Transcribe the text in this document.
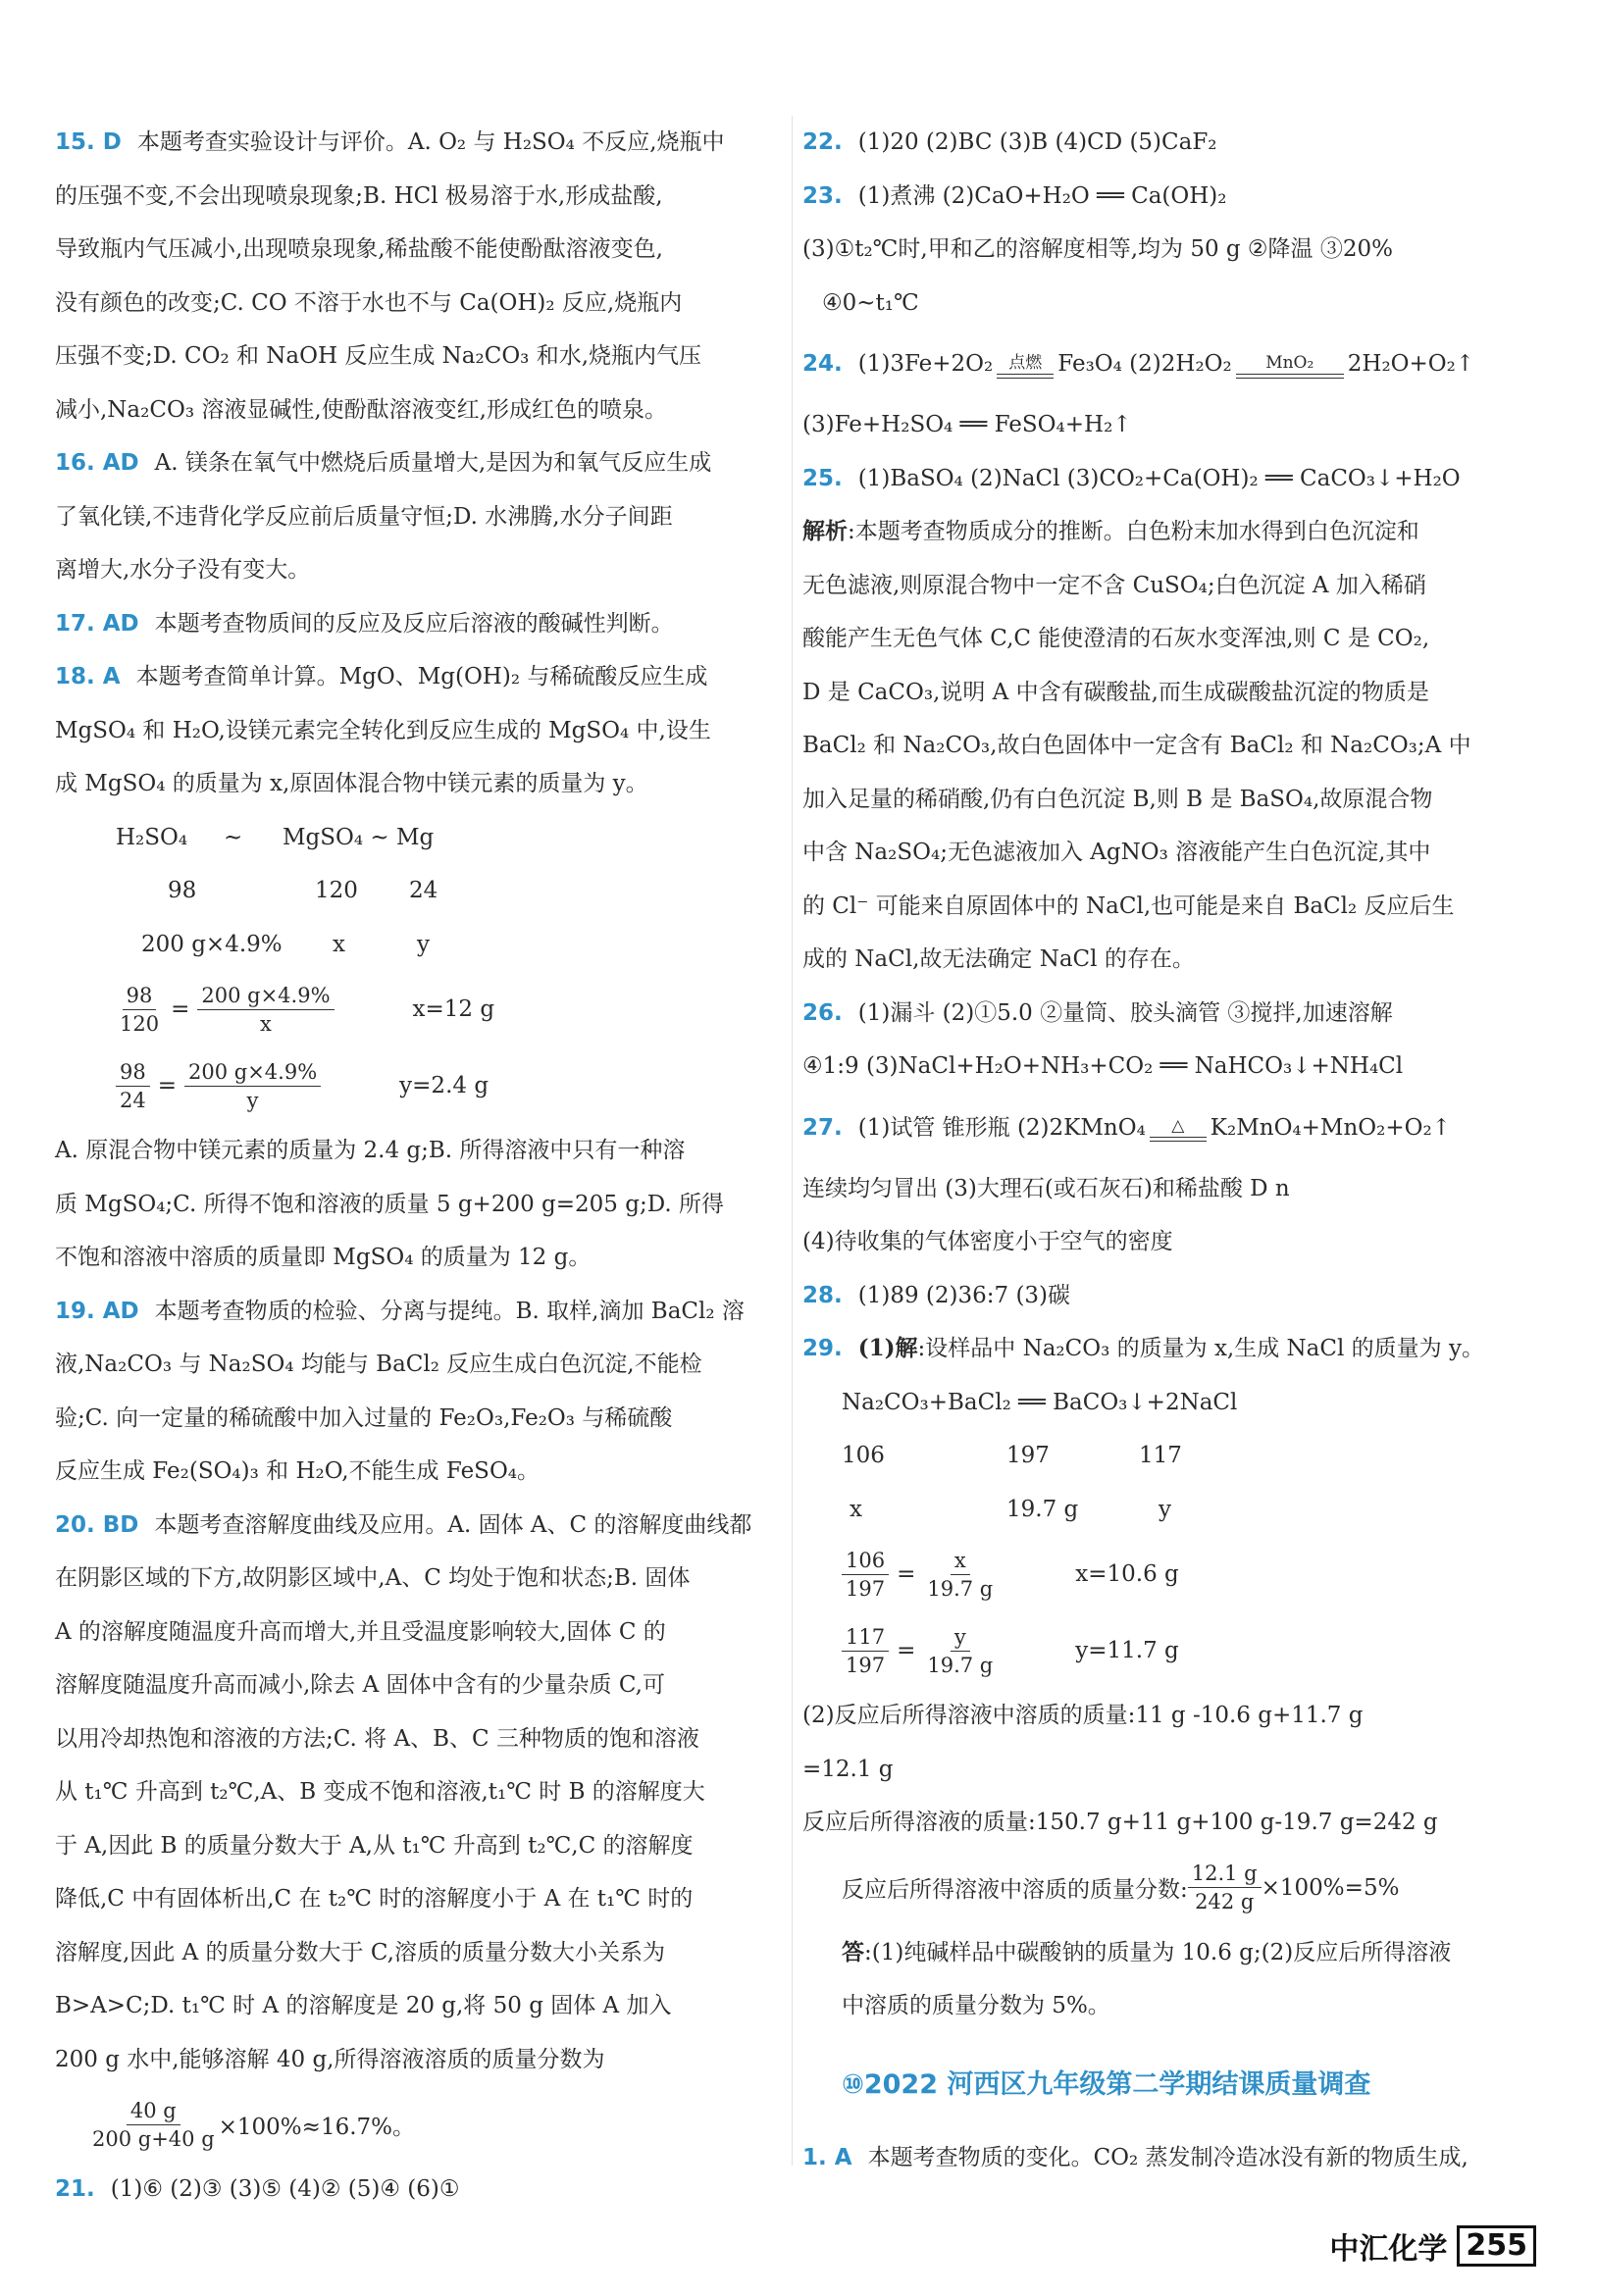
15. D 本题考查实验设计与评价。A. O₂ 与 H₂SO₄ 不反应,烧瓶中
的压强不变,不会出现喷泉现象;B. HCl 极易溶于水,形成盐酸,
导致瓶内气压减小,出现喷泉现象,稀盐酸不能使酚酞溶液变色,
没有颜色的改变;C. CO 不溶于水也不与 Ca(OH)₂ 反应,烧瓶内
压强不变;D. CO₂ 和 NaOH 反应生成 Na₂CO₃ 和水,烧瓶内气压
减小,Na₂CO₃ 溶液显碱性,使酚酞溶液变红,形成红色的喷泉。
16. AD A. 镁条在氧气中燃烧后质量增大,是因为和氧气反应生成
了氧化镁,不违背化学反应前后质量守恒;D. 水沸腾,水分子间距
离增大,水分子没有变大。
17. AD 本题考查物质间的反应及反应后溶液的酸碱性判断。
18. A 本题考查简单计算。MgO、Mg(OH)₂ 与稀硫酸反应生成
MgSO₄ 和 H₂O,设镁元素完全转化到反应生成的 MgSO₄ 中,设生
成 MgSO₄ 的质量为 x,原固体混合物中镁元素的质量为 y。
H₂SO₄	~	MgSO₄ ~ Mg
98	120	24
200 g×4.9%	x	y
$\frac{98}{120} = \frac{200 g\times 4.9\%}{x}$	x=12 g
$\frac{98}{24} = \frac{200 g\times 4.9\%}{y}$	y=2.4 g
A. 原混合物中镁元素的质量为 2.4 g;B. 所得溶液中只有一种溶
质 MgSO₄;C. 所得不饱和溶液的质量 5 g+200 g=205 g;D. 所得
不饱和溶液中溶质的质量即 MgSO₄ 的质量为 12 g。
19. AD 本题考查物质的检验、分离与提纯。B. 取样,滴加 BaCl₂ 溶
液,Na₂CO₃ 与 Na₂SO₄ 均能与 BaCl₂ 反应生成白色沉淀,不能检
验;C. 向一定量的稀硫酸中加入过量的 Fe₂O₃,Fe₂O₃ 与稀硫酸
反应生成 Fe₂(SO₄)₃ 和 H₂O,不能生成 FeSO₄。
20. BD 本题考查溶解度曲线及应用。A. 固体 A、C 的溶解度曲线都
在阴影区域的下方,故阴影区域中,A、C 均处于饱和状态;B. 固体
A 的溶解度随温度升高而增大,并且受温度影响较大,固体 C 的
溶解度随温度升高而减小,除去 A 固体中含有的少量杂质 C,可
以用冷却热饱和溶液的方法;C. 将 A、B、C 三种物质的饱和溶液
从 t₁℃ 升高到 t₂℃,A、B 变成不饱和溶液,t₁℃ 时 B 的溶解度大
于 A,因此 B 的质量分数大于 A,从 t₁℃ 升高到 t₂℃,C 的溶解度
降低,C 中有固体析出,C 在 t₂℃ 时的溶解度小于 A 在 t₁℃ 时的
溶解度,因此 A 的质量分数大于 C,溶质的质量分数大小关系为
B>A>C;D. t₁℃ 时 A 的溶解度是 20 g,将 50 g 固体 A 加入
200 g 水中,能够溶解 40 g,所得溶液溶质的质量分数为
$\frac{40 g}{200 g+40 g} \times 100\%\approx 16.7\%$。
21. (1)⑥ (2)③ (3)⑤ (4)② (5)④ (6)①
22. (1)20 (2)BC (3)B (4)CD (5)CaF₂
23. (1)煮沸 (2)CaO+H₂O ══ Ca(OH)₂
(3)①t₂℃时,甲和乙的溶解度相等,均为 50 g ②降温 ③20%
④0~t₁℃
24. (1)3Fe+2O₂ 点燃 Fe₃O₄ (2)2H₂O₂ MnO₂ 2H₂O+O₂↑
(3)Fe+H₂SO₄ ══ FeSO₄+H₂↑
25. (1)BaSO₄ (2)NaCl (3)CO₂+Ca(OH)₂ ══ CaCO₃↓+H₂O
解析:本题考查物质成分的推断。白色粉末加水得到白色沉淀和
无色滤液,则原混合物中一定不含 CuSO₄;白色沉淀 A 加入稀硝
酸能产生无色气体 C,C 能使澄清的石灰水变浑浊,则 C 是 CO₂,
D 是 CaCO₃,说明 A 中含有碳酸盐,而生成碳酸盐沉淀的物质是
BaCl₂ 和 Na₂CO₃,故白色固体中一定含有 BaCl₂ 和 Na₂CO₃;A 中
加入足量的稀硝酸,仍有白色沉淀 B,则 B 是 BaSO₄,故原混合物
中含 Na₂SO₄;无色滤液加入 AgNO₃ 溶液能产生白色沉淀,其中
的 Cl⁻ 可能来自原固体中的 NaCl,也可能是来自 BaCl₂ 反应后生
成的 NaCl,故无法确定 NaCl 的存在。
26. (1)漏斗 (2)①5.0 ②量筒、胶头滴管 ③搅拌,加速溶解
④1:9 (3)NaCl+H₂O+NH₃+CO₂ ══ NaHCO₃↓+NH₄Cl
27. (1)试管 锥形瓶 (2)2KMnO₄ △ K₂MnO₄+MnO₂+O₂↑
连续均匀冒出 (3)大理石(或石灰石)和稀盐酸 D n
(4)待收集的气体密度小于空气的密度
28. (1)89 (2)36:7 (3)碳
29. (1)解:设样品中 Na₂CO₃ 的质量为 x,生成 NaCl 的质量为 y。
Na₂CO₃+BaCl₂ ══ BaCO₃↓+2NaCl
106	197	117
x	19.7 g	y
$\frac{106}{197} = \frac{x}{19.7 g}$	x=10.6 g
$\frac{117}{197} = \frac{y}{19.7 g}$	y=11.7 g
(2)反应后所得溶液中溶质的质量:11 g -10.6 g+11.7 g
=12.1 g
反应后所得溶液的质量:150.7 g+11 g+100 g-19.7 g=242 g
反应后所得溶液中溶质的质量分数: $\frac{12.1 g}{242 g} \times 100\%=5\%$
答:(1)纯碱样品中碳酸钠的质量为 10.6 g;(2)反应后所得溶液
中溶质的质量分数为 5%。
⑩2022 河西区九年级第二学期结课质量调查
1. A 本题考查物质的变化。CO₂ 蒸发制冷造冰没有新的物质生成,
中汇化学 255
